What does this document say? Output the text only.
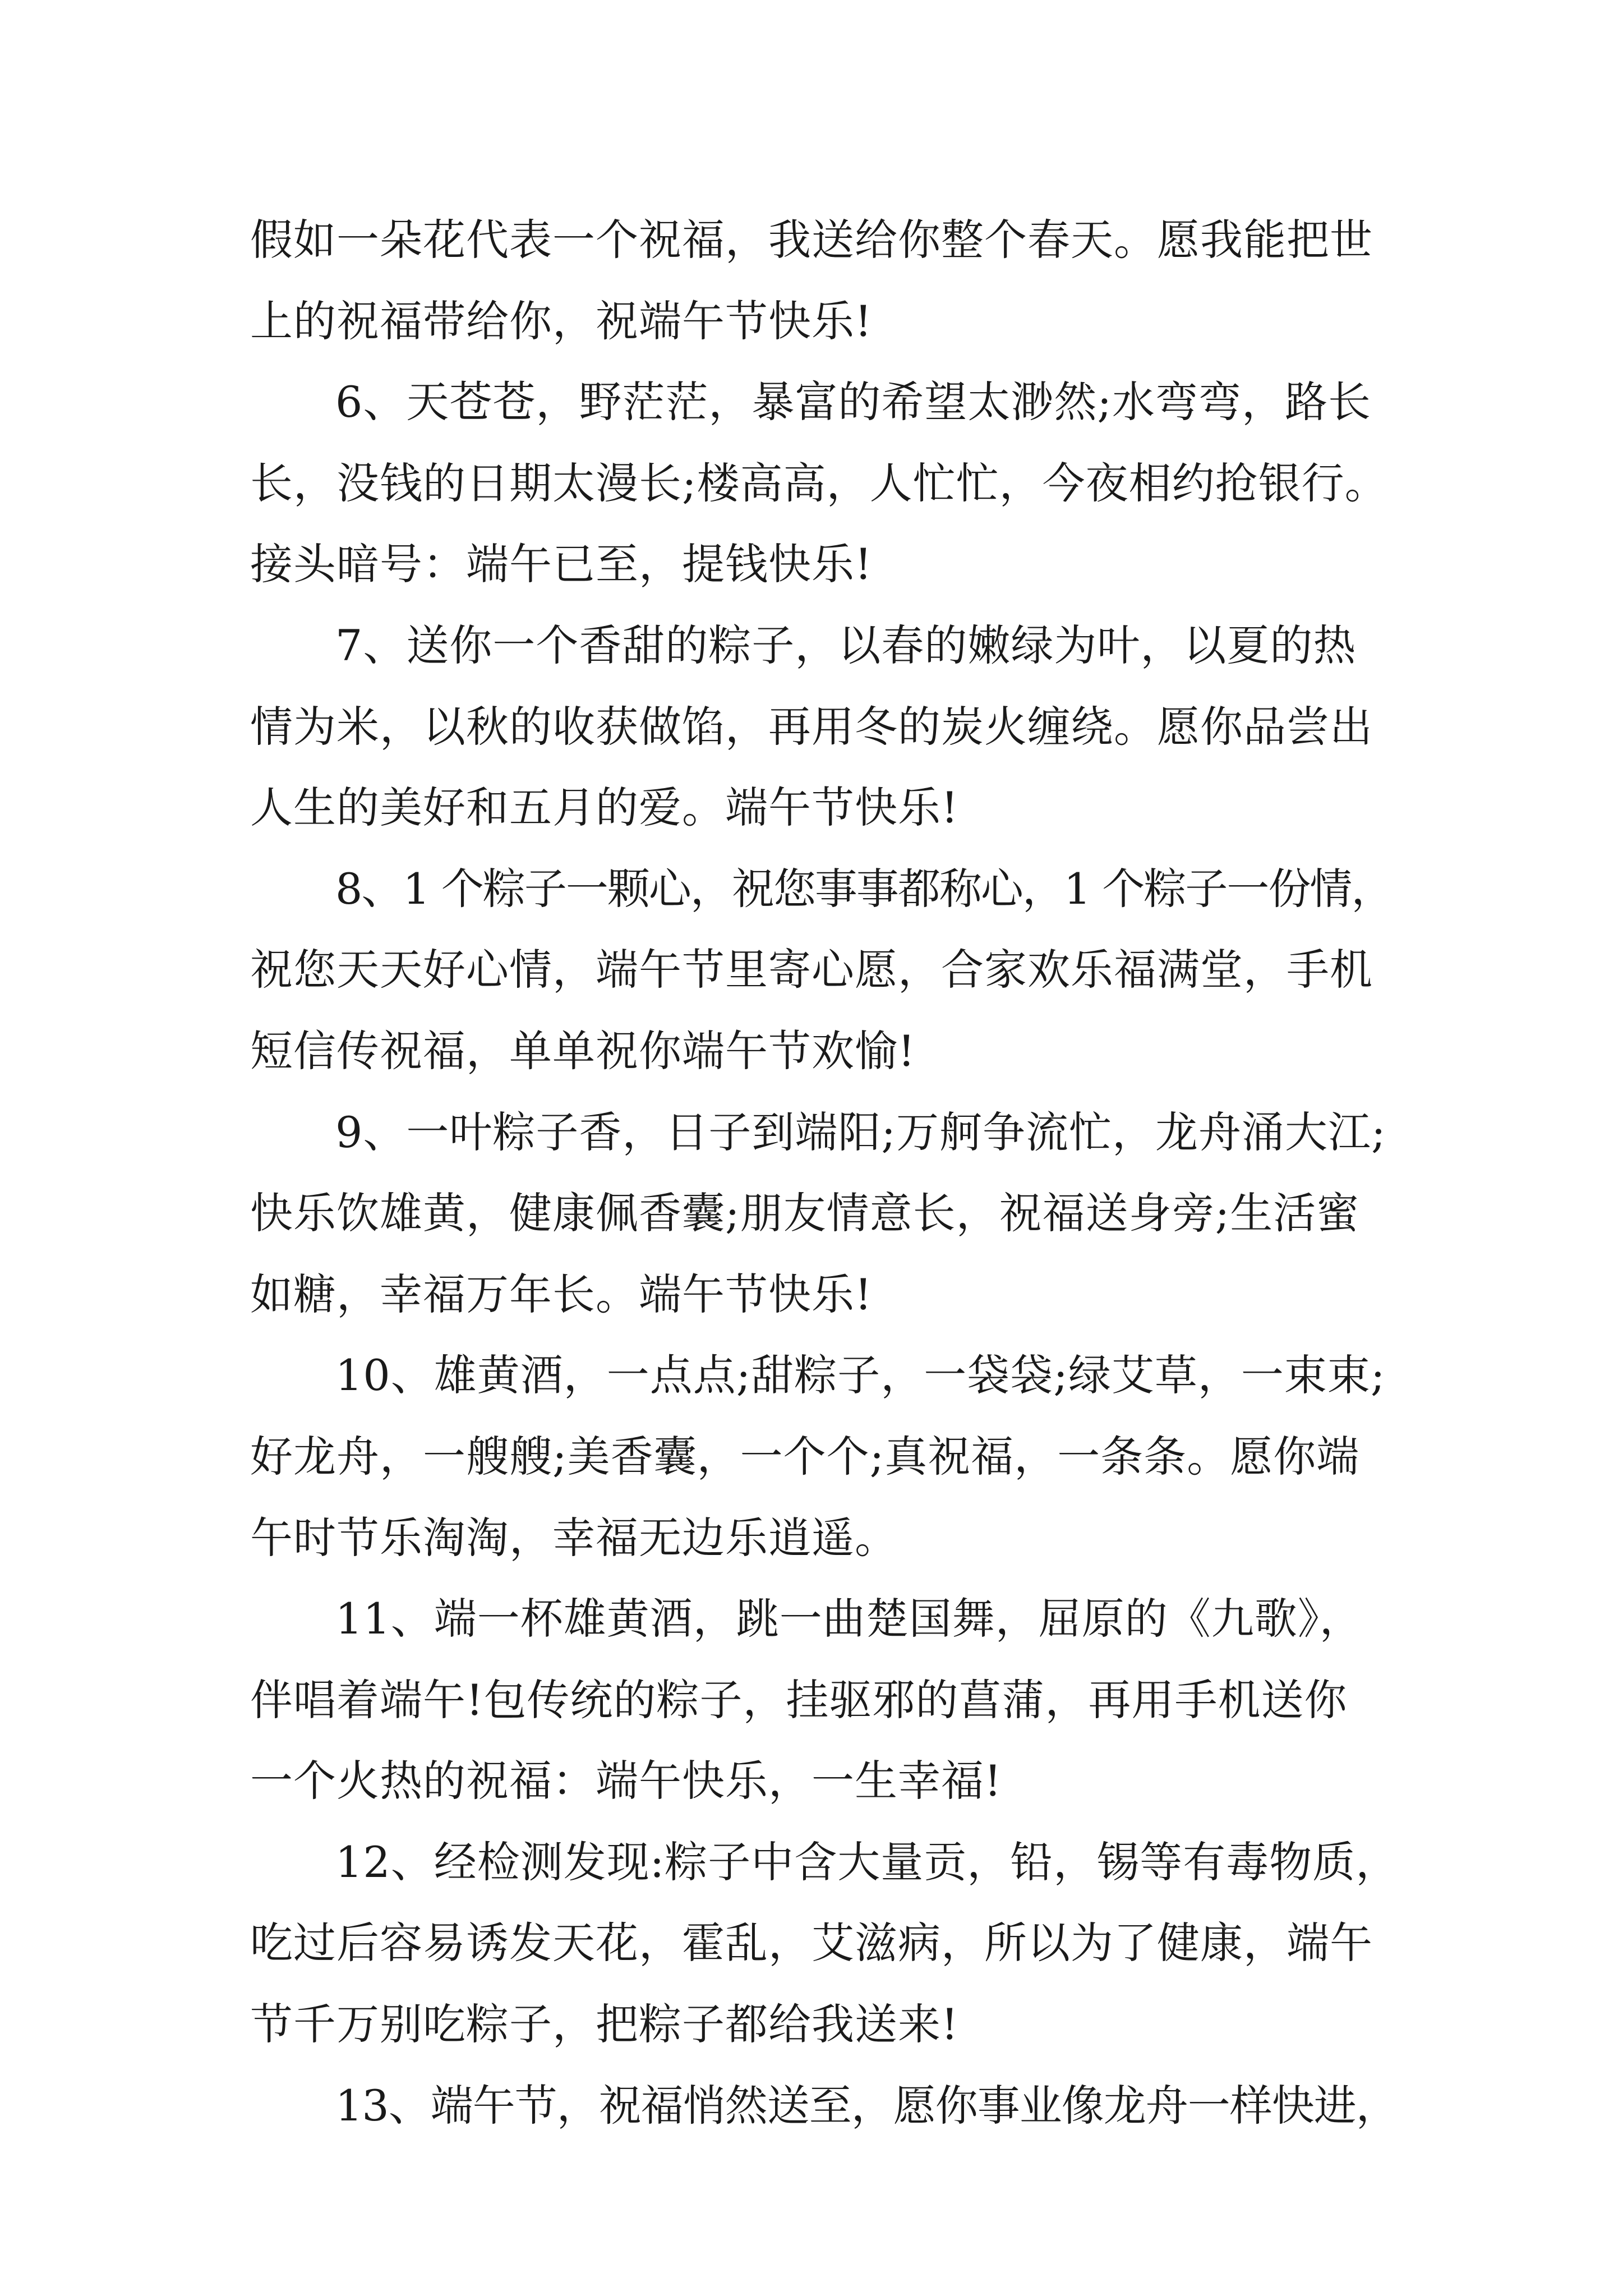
假如一朵花代表一个祝福，我送给你整个春天。愿我能把世
上的祝福带给你，祝端午节快乐!

6、天苍苍，野茫茫，暴富的希望太渺然;水弯弯，路长
长，没钱的日期太漫长;楼高高，人忙忙，今夜相约抢银行。
接头暗号：端午已至，提钱快乐!

7、送你一个香甜的粽子，以春的嫩绿为叶，以夏的热
情为米，以秋的收获做馅，再用冬的炭火缠绕。愿你品尝出
人生的美好和五月的爱。端午节快乐!

8、1 个粽子一颗心，祝您事事都称心，1 个粽子一份情，
祝您天天好心情，端午节里寄心愿，合家欢乐福满堂，手机
短信传祝福，单单祝你端午节欢愉!

9、一叶粽子香，日子到端阳;万舸争流忙，龙舟涌大江;
快乐饮雄黄，健康佩香囊;朋友情意长，祝福送身旁;生活蜜
如糖，幸福万年长。端午节快乐!

10、雄黄酒，一点点;甜粽子，一袋袋;绿艾草，一束束;
好龙舟，一艘艘;美香囊，一个个;真祝福，一条条。愿你端
午时节乐淘淘，幸福无边乐逍遥。

11、端一杯雄黄酒，跳一曲楚国舞，屈原的《九歌》，
伴唱着端午!包传统的粽子，挂驱邪的菖蒲，再用手机送你
一个火热的祝福：端午快乐，一生幸福!

12、经检测发现:粽子中含大量贡，铅，锡等有毒物质，
吃过后容易诱发天花，霍乱，艾滋病，所以为了健康，端午
节千万别吃粽子，把粽子都给我送来!

13、端午节，祝福悄然送至，愿你事业像龙舟一样快进，
